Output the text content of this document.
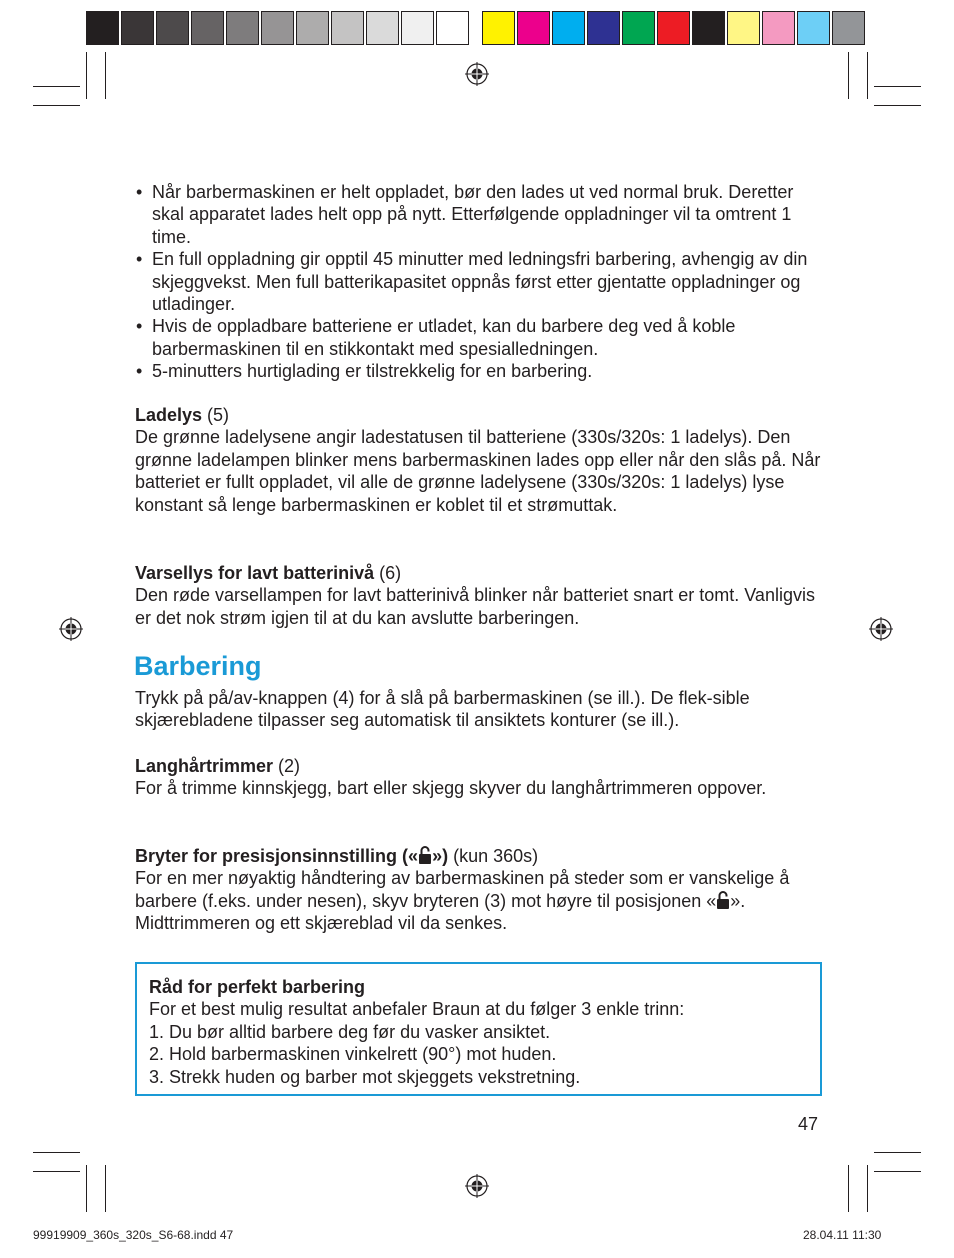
• Når barbermaskinen er helt oppladet, bør den lades ut ved normal bruk. Deretter skal apparatet lades helt opp på nytt. Etterfølgende oppladninger vil ta omtrent 1 time.
• En full oppladning gir opptil 45 minutter med ledningsfri barbering, avhengig av din skjeggvekst. Men full batterikapasitet oppnås først etter gjentatte oppladninger og utladinger.
• Hvis de oppladbare batteriene er utladet, kan du barbere deg ved å koble barbermaskinen til en stikkontakt med spesialledningen.
• 5-minutters hurtiglading er tilstrekkelig for en barbering.
Ladelys (5)
De grønne ladelysene angir ladestatusen til batteriene (330s/320s: 1 ladelys). Den grønne ladelampen blinker mens barbermaskinen lades opp eller når den slås på. Når batteriet er fullt oppladet, vil alle de grønne ladelysene (330s/320s: 1 ladelys) lyse konstant så lenge barbermaskinen er koblet til et strømuttak.
Varsellys for lavt batterinivå (6)
Den røde varsellampen for lavt batterinivå blinker når batteriet snart er tomt. Vanligvis er det nok strøm igjen til at du kan avslutte barberingen.
Barbering
Trykk på på/av-knappen (4) for å slå på barbermaskinen (se ill.). De flek-sible skjærebladene tilpasser seg automatisk til ansiktets konturer (se ill.).
Langhårtrimmer (2)
For å trimme kinnskjegg, bart eller skjegg skyver du langhårtrimmeren oppover.
Bryter for presisjonsinnstilling (« ») (kun 360s)
For en mer nøyaktig håndtering av barbermaskinen på steder som er vanskelige å barbere (f.eks. under nesen), skyv bryteren (3) mot høyre til posisjonen « ». Midttrimmeren og ett skjæreblad vil da senkes.
Råd for perfekt barbering
For et best mulig resultat anbefaler Braun at du følger 3 enkle trinn:
1. Du bør alltid barbere deg før du vasker ansiktet.
2. Hold barbermaskinen vinkelrett (90°) mot huden.
3. Strekk huden og barber mot skjeggets vekstretning.
47
99919909_360s_320s_S6-68.indd 47	28.04.11 11:30
